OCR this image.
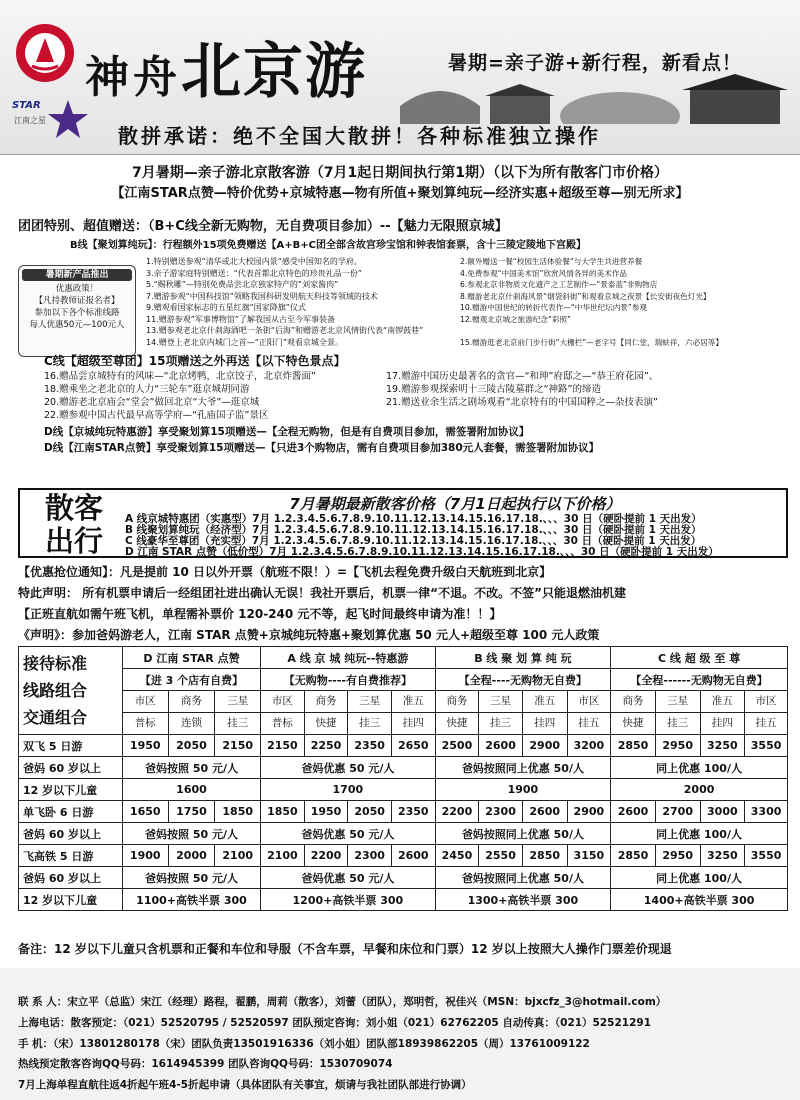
神舟北京游	暑期=亲子游+新行程，新看点！
STAR
江南之星
散拼承诺：绝不全国大散拼！各种标准独立操作
7月暑期—亲子游北京散客游（7月1起日期间执行第1期）（以下为所有散客门市价格）
【江南STAR点赞—特价优势+京城特惠—物有所值+聚划算纯玩—经济实惠+超级至尊—别无所求】
团团特别、超值赠送：（B+C线全新无购物，无自费项目参加）--【魅力无限照京城】
B线【聚划算纯玩】：行程额外15项免费赠送【A+B+C团全部含故宫珍宝馆和钟表馆套票，含十三陵定陵地下宫殿】
暑期新产品推出
优惠政策！
【凡持教师证报名者】
参加以下各个标准线路
每人优惠50元—100元人
1.特别赠送参观“清华或北大校园内景“感受中国知名的学府。
3.亲子游家庭特别赠送：“代表首都北京特色的珍贵礼品一份”
5.“赐秋雕”—特别免费品尝北京独家特产的“刘家酱肉”
7.赠游参观“中国科技馆”领略我国科研发明航天科技等领域的技术
9.赠观看国家标志的五星红旗“国家降旗”仪式
11.赠游参观“军事博物馆”了解我国从古至今军事装备
13.赠参观老北京什刹海酒吧一条街“后海”和赠游老北京风情街代表“南锣鼓巷”
14.赠登上老北京内城门之首—“正阳门”观看京城全景。
2.额外赠送一餐“校园生活体验餐“与大学生共进营养餐
4.免费参观“中国美术馆”欣赏风情各异的美术作品
6.参观北京非物质文化遗产之工艺制作—“景泰蓝”非购物店
8.赠游老北京什刹海风景“烟袋斜街”和观看京城之夜景【长安街夜色灯光】
10.赠游中国世纪的转折代表作—“中华世纪坛内景”参观
12.赠观北京城之旅游纪念“彩照”
15.赠游逛老北京前门步行街“大栅栏”—老字号【同仁堂，瑞蚨祥，六必居等】
C线【超级至尊团】15项赠送之外再送【以下特色景点】
16.赠品尝京城特有的风味—“北京烤鸭，北京饺子，北京炸酱面”
18.赠乘坐之老北京的人力“三轮车”逛京城胡同游
20.赠游老北京庙会“堂会”做回北京“大爷”—逛京城
22.赠参观中国古代最早高等学府—“孔庙国子监”景区
17.赠游中国历史最著名的贪官—“和珅”府邸之—“恭王府花园”、
19.赠游参观探索明十三陵古陵墓群之“神路”的缔造
21.赠送业余生活之剧场观看“北京特有的中国国粹之—杂技表演”
D线【京城纯玩特惠游】享受聚划算15项赠送—【全程无购物，但是有自费项目参加，需签署附加协议】
D线【江南STAR点赞】享受聚划算15项赠送—【只进3个购物店，需有自费项目参加380元人套餐，需签署附加协议】
散客
出行
7月暑期最新散客价格（7月1日起执行以下价格）
A 线京城特惠团（实惠型）7月 1.2.3.4.5.6.7.8.9.10.11.12.13.14.15.16.17.18.、、、30 日（硬卧提前 1 天出发）
B 线聚划算纯玩（经济型）7月 1.2.3.4.5.6.7.8.9.10.11.12.13.14.15.16.17.18.、、、30 日（硬卧提前 1 天出发）
C 线豪华至尊团（充实型）7月 1.2.3.4.5.6.7.8.9.10.11.12.13.14.15.16.17.18.、、、30 日（硬卧提前 1 天出发）
D 江南 STAR 点赞（低价型）7月 1.2.3.4.5.6.7.8.9.10.11.12.13.14.15.16.17.18.、、、30 日（硬卧提前 1 天出发）
【优惠抢位通知】：凡是提前 10 日以外开票（航班不限！）=【飞机去程免费升级白天航班到北京】
特此声明： 所有机票申请后一经组团社进出确认无误！我社开票后，机票一律“不退。不改。不签”只能退燃油机建
【正班直航如需午班飞机，单程需补票价 120-240 元不等，起飞时间最终申请为准！！】
《声明》：参加爸妈游老人，江南 STAR 点赞+京城纯玩特惠+聚划算优惠 50 元人+超级至尊 100 元人政策
接待标准
线路组合
交通组合	D 江南 STAR 点赞			A 线 京 城 纯玩--特惠游				B 线 聚 划 算 纯 玩				C 线 超 级 至 尊			
	【进 3 个店有自费】			【无购物----有自费推荐】				【全程----无购物无自费】				【全程------无购物无自费】			
	市区	商务	三星	市区	商务	三星	准五	商务	三星	准五	市区	商务	三星	准五	市区
	普标	连锁	挂三	普标	快捷	挂三	挂四	快捷	挂三	挂四	挂五	快捷	挂三	挂四	挂五
双飞 5 日游	1950	2050	2150	2150	2250	2350	2650	2500	2600	2900	3200	2850	2950	3250	3550
爸妈 60 岁以上	爸妈按照 50 元/人			爸妈优惠 50 元/人				爸妈按照同上优惠 50/人				同上优惠 100/人			
12 岁以下儿童	1600			1700				1900				2000			
单飞卧 6 日游	1650	1750	1850	1850	1950	2050	2350	2200	2300	2600	2900	2600	2700	3000	3300
爸妈 60 岁以上	爸妈按照 50 元/人			爸妈优惠 50 元/人				爸妈按照同上优惠 50/人				同上优惠 100/人			
飞高铁 5 日游	1900	2000	2100	2100	2200	2300	2600	2450	2550	2850	3150	2850	2950	3250	3550
爸妈 60 岁以上	爸妈按照 50 元/人			爸妈优惠 50 元/人				爸妈按照同上优惠 50/人				同上优惠 100/人			
12 岁以下儿童	1100+高铁半票 300			1200+高铁半票 300				1300+高铁半票 300				1400+高铁半票 300			
备注：12 岁以下儿童只含机票和正餐和车位和导服（不含车票，早餐和床位和门票）12 岁以上按照大人操作门票差价现退
联 系 人：宋立平（总监）宋江（经理）路程，翟鹏，周莉（散客），刘蕾（团队），郑明哲，祝佳兴（MSN：bjxcfz_3@hotmail.com）
上海电话：散客预定：（021）52520795 / 52520597 团队预定咨询：刘小姐（021）62762205 自动传真：（021）52521291
手 机：（宋）13801280178（宋）团队负责13501916336（刘小姐）团队部18939862205（周）13761009122
热线预定散客咨询QQ号码：1614945399 团队咨询QQ号码：1530709074
7月上海单程直航往返4折起午班4-5折起申请（具体团队有关事宜，烦请与我社团队部进行协调）
